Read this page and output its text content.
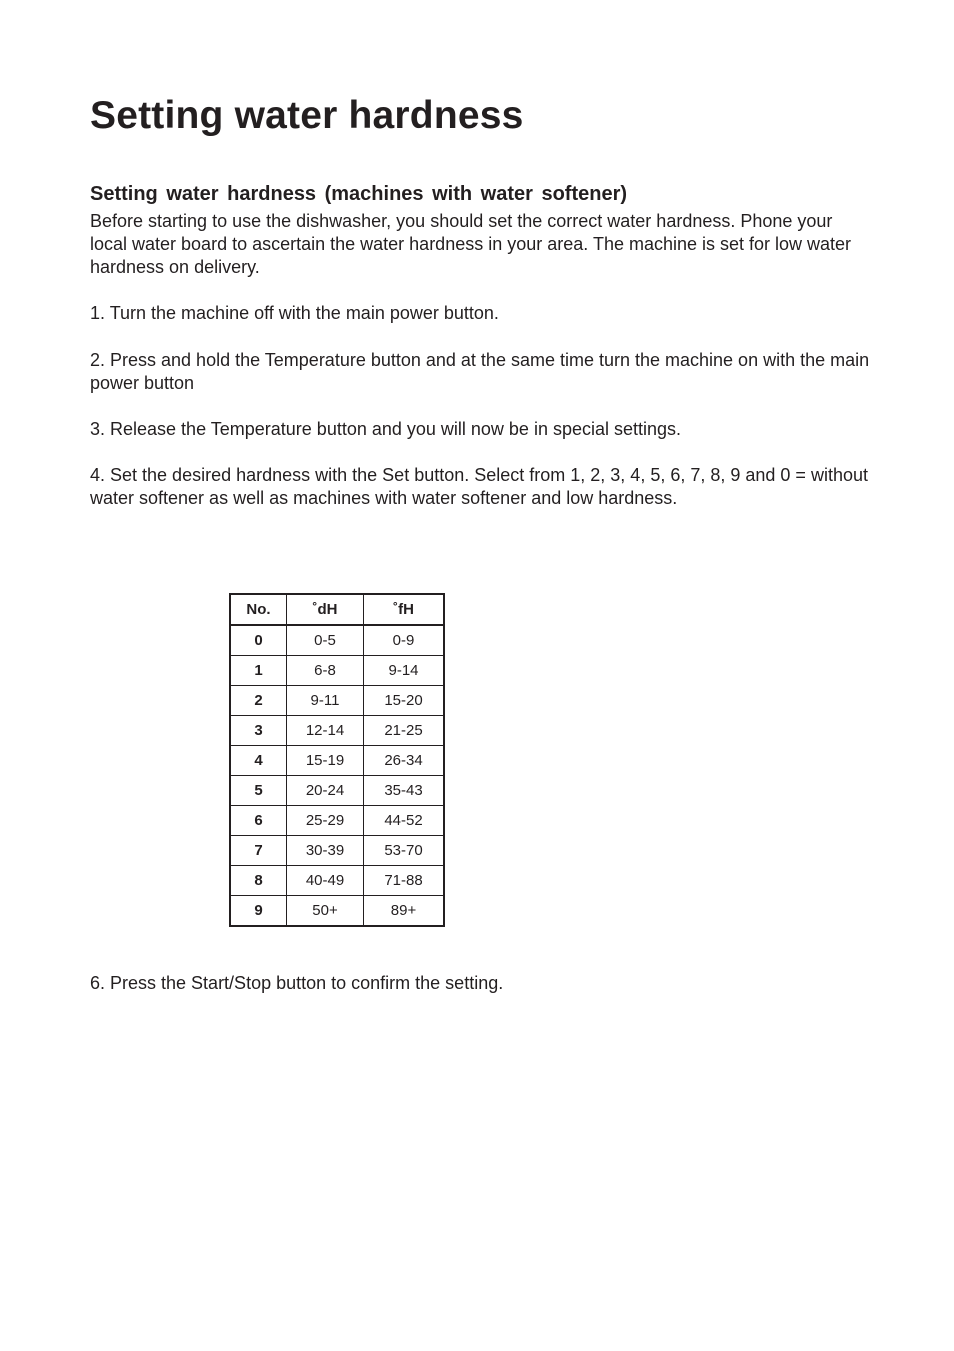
Setting water hardness
Setting water hardness (machines with water softener)

Before starting to use the dishwasher, you should set the correct water hardness. Phone your local water board to ascertain the water hardness in your area. The machine is set for low water hardness on delivery.

1. Turn the machine off with the main power button.

2. Press and hold the Temperature button and at the same time turn the machine on with the main power button

3. Release the Temperature button and you will now be in special settings.

4. Set the desired hardness with the Set button. Select from 1, 2, 3, 4, 5, 6, 7, 8, 9 and 0 = without water softener as well as machines with water softener and low hardness.

No.	˚dH	˚fH
0	0-5	0-9
1	6-8	9-14
2	9-11	15-20
3	12-14	21-25
4	15-19	26-34
5	20-24	35-43
6	25-29	44-52
7	30-39	53-70
8	40-49	71-88
9	50+	89+

6. Press the Start/Stop button to confirm the setting.
